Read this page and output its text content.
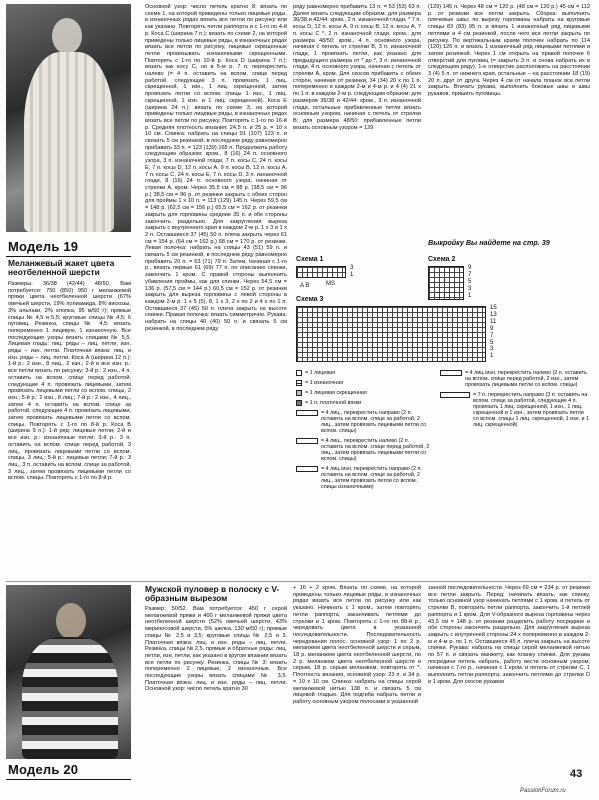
Модель 19
Меланжевый жакет цвета неотбеленной шерсти

Размеры: 36/38 (42/44) 48/50. Вам потребуется: 750 (850) 950 г меланжевой пряжи цвета неотбеленной шерсти (67% овечьей шерсти, 19% полиамида, 8% вискозы, 3% альпаки, 2% хлопка, 95 м/50 г); прямые спицы № 4,5 и 5,5; круговые спицы № 4,5; 6 пуговиц. Резинка, спицы № 4,5: вязать попеременно 1 лицевую, 1 изнаночную. Все последующие узоры вязать спицами № 5,5. Лицевая гладь: лиц. ряды – лиц. петли, изн. ряды – изн. петли. Платочная вязка: лиц. и изн. ряды – лиц. петли. Коса А (ширина 12 п.): 1-й р.: 2 изн., 8 лиц., 2 изн.; 2-й и все изн. р.: все петли вязать по рисунку; 3-й р.: 2 изн., 4 п. оставить на вспом. спице перед работой, следующие 4 п. провязать лицевыми, затем провязать лицевыми петли со вспом. спицы, 2 изн.; 5-й р.: 2 изн., 8 лиц.; 7-й р.: 2 изн., 4 лиц., затем 4 п. оставить на вспом. спице за работой, следующие 4 п. провязать лицевыми, затем провязать лицевыми петли со вспом. спицы. Повторять с 1-го по 8-й р. Коса В (ширина 9 п.): 1-й ряд: лицевые петли; 2-й и все изн. р.: изнаночные петли; 3-й р.: 3 п. оставить на вспом. спице перед работой, 3 лиц., провязать лицевыми петли со вспом. спицы, 3 лиц.; 5-й р.: лицевые петли; 7-й р.: 3 лиц., 3 п. оставить на вспом. спице за работой, 3 лиц., затем провязать лицевыми петли со вспом. спицы. Повторять с 1-го по 8-й р.

Основной узор: число петель кратно 8; вязать по схеме 1, на которой приведены только лицевые ряды, в изнаночных рядах вязать все петли по рисунку или как указано. Повторять петли раппорта и с 1-го по 4-й р. Коса С (ширина 7 п.): вязать по схеме 2, на которой приведены только лицевые ряды, в изнаночных рядах вязать все петли по рисунку, лицевые скрещенные петли провязывать изнаночными скрещенными. Повторять с 1-го по 10-й р. Коса D (ширина 7 п.): вязать как косу С, но в 5-м р. 7 п. перекрестить налево (= 4 п. оставить на вспом. спице перед работой, следующие 3 п. провязать 1 лиц. скрещенной, 1 изн., 1 лиц. скрещенной, затем провязать петли со вспом. спицы 1 изн., 1 лиц. скрещенной, 1 изн. и 1 лиц. скрещенной). Коса Е (ширина 24 п.): вязать по схеме 3, на которой приведены только лицевые ряды, в изнаночных рядах вязать все петли по рисунку. Повторять с 1-го по 16-й р. Средняя плотность вязания: 24,5 п. и 25 р. = 10 x 10 см. Спинка: набрать на спицы 91 (107) 123 п. и связать 5 см резинкой, в последнем ряду равномерно прибавить 33 п. = 123 (139) 165 п. Продолжить работу следующим образом: кром., 8 (16) 24 п. основного узора, 3 п. изнаночной глади, 7 п. косы С, 24 п. косы Е, 7 п. косы D, 12 п. косы А, 9 п. косы В, 12 п. косы А, 7 п. косы С, 24 п. косы Е, 7 п. косы D, 3 п. изнаночной глади, 8 (16) 24 п. основного узора, начиная от стрелки А, кром. Через 35,5 см = 88 р. (38,5 см = 96 р.) 38,5 см = 96 р. от резинки закрыть с обеих сторон для проймы 1 x 10 п. = 113 (129) 145 п. Через 59,5 см = 148 р. (62,5 см = 156 р.) 65,5 см = 162 р. от резинки закрыть для горловины средние 35 п. и обе стороны закончить раздельно. Для закругления выреза закрыть с внутреннего края в каждом 2-м р. 1 x 3 и 1 x 2 п. Оставшиеся 37 (45) 50 п. плеча закрыть через 61 см = 154 р. (64 см = 162 р.) 68 см = 170 р. от резинки. Левая полочка: набрать на спицы 43 (51) 59 п. и связать 5 см резинкой, в последнем ряду равномерно прибавить 20 п. = 63 (71) 79 п. Затем, начиная с 1-го р., вязать первые 61 (69) 77 п. по описанию спинки, закончить 1 кром. С правой стороны выполнить убавления проймы, как для спинки. Через 54,5 см = 136 р. (57,5 см = 144 р.) 60,5 см = 152 р. от резинки закрыть для выреза горловины с левой стороны в каждом 2-м р. 1 x 5 (5), 8, 1 x 3, 2 x по 2 и 4 x по 1 п. Оставшиеся 37 (45) 50 п. плеча закрыть на высоте спинки. Правая полочка: вязать симметрично. Рукава: набрать на спицы 40 (40) 50 п. и связать 5 см резинкой, в последнем ряду

ряду равномерно прибавить 13 п. = 53 (53) 63 п. Далее вязать следующим образом: для размера 36/38 и 42/44: кром., 2 п. изнаночной глади, * 7 п. косы D, 12 п. косы А, 9 п. косы В, 12 п. косы А, 7 п. косы С *, 2 п. изнаночной глади, кром.; для размера 48/50: кром., 4 п. основного узора, начиная с петель от стрелки В, 3 п. изнаночной глади, 1 провязать петли, как указано для предыдущего размера от * до *, 3 п. изнаночной глади, 4 п. основного узора, начиная с петель от стрелки А, кром. Для скосов прибавить с обеих сторон, начиная от резинки, 34 (34) 20 x по 1 п. попеременно в каждом 2-м и 4-м р. и 4 (4) 21 x по 1 п. в каждом 2-м р. следующим образом: для размеров 36/38 и 42/44: кром., 3 п. изнаночной глади, остальные прибавленные петли вязать основным узором, начиная с петель от стрелки В; для размера 48/50: прибавленные петли вязать основным узором = 129

(129) 145 п. Через 48 см = 120 р. (48 см = 120 р.) 45 см = 112 р. от резинки все петли закрыть. Сборка: выполнить плечевые швы; по вырезу горловины набрать на круговые спицы 83 (83) 95 п. и вязать 1 изнаночный ряд лицевыми петлями и 4 см резинкой, после чего все петли закрыть по рисунку. По вертикальным краям полочек набрать по 114 (120) 126 п. и вязать 1 изнаночный ряд лицевыми петлями и затем резинкой. Через 1 см открыть на правой полочке 6 отверстий для пуговиц (= закрыть 3 п. и снова набрать их в следующем ряду), 1-е отверстие расположить на расстоянии 3 (4) 5 п. от нижнего края, остальные – на расстоянии 18 (19) 20 п. друг от друга. Через 4 см от начала планок все петли закрыть. Втачать рукава, выполнить боковые швы и швы рукавов, пришить пуговицы.

Выкройку Вы найдете на стр. 39
Схема 1
3
1
A B	MS
Схема 2
9
7
5
3
1
Схема 3
15
13
11
9
7
5
3
1
= 1 лицевая
= 1 изнаночная
= 1 лицевая скрещенная
= 1 п. платочной вязки
= 4 лиц., перекрестить направо (2 п. оставить на вспом. спице за работой, 2 лиц., затем провязать лицевыми петли со вспом. спицы)
= 4 лиц., перекрестить налево (2 п. оставить на вспом. спице перед работой, 2 лиц., затем провязать лицевыми петли со вспом. спицы)
= 4 лиц./изн. перекрестить направо (2 п. оставить на вспом. спице за работой, 2 лиц., затем провязать петли со вспом. спицы изнаночными)
= 4 лиц./изн. перекрестить налево (2 п. оставить на вспом. спице перед работой, 2 изн., затем провязать лицевыми петли со вспом. спицы)
= 7 п. перекрестить направо (3 п. оставить на вспом. спице за работой, следующие 4 п. провязать 1 лиц. скрещенной, 1 изн., 1 лиц. скрещенной и 1 изн., затем провязать петли со вспом. спицы 1 лиц. скрещенной, 1 изн. и 1 лиц. скрещенной)
Модель 20
Мужской пуловер в полоску с V-образным вырезом

Размер: 50/52. Вам потребуется: 450 г серой меланжевой пряжи и 400 г меланжевой пряжи цвета неотбеленной шерсти (52% овечьей шерсти, 43% мериносовой шерсти, 5% шелка, 130 м/50 г); прямые спицы № 2,5 и 3,5; круговые спицы № 2,5 и 3. Платочная вязка: лиц. и изн. ряды – лиц. петли. Резинка, спицы № 2,5, прямые и обратные ряды: лиц. петли, изн. петли, как указано в кругом вязании вязать все петли по рисунку. Резинка, спицы № 3: вязать попеременно 2 лицевые, 2 изнаночные. Все последующие узоры вязать спицами № 3,5. Платочная вязка: лиц. и изн. ряды – лиц. петли. Основной узор: число петель кратно 30

+ 16 + 2 кром. Вязать по схеме, на которой приведены только лицевые ряды, в изнаночных рядах вязать все петли по рисунку или как указано. Начинать с 1 кром., затем повторять петли раппорта, заканчивать петлями до стрелки и 1 кром. Повторять с 1-го по 88-й р., чередовать цвета в указанной последовательности. Последовательность чередования полос, основной узор: 1 по 2 р. меланжем цвета неотбеленной шерсти и серым, 18 р. меланжем цвета неотбеленной шерсти, по 2 р. меланжем цвета неотбеленной шерсти и серым, 18 р. серым меланжем, повторять от *. Плотность вязания, основной узор: 23 п. и 34 р. = 10 x 10 см. Спинка: набрать на спицы серой меланжевой нитью 138 п. и связать 5 см лицевой гладью. Для подгиба набрать петли и работу основным узором полосами в указанной

занной последовательности. Через 69 см = 234 р. от резинки все петли закрыть. Перед: начинать вязать, как спинку, только основной узор начинать петлями с 1 кром. и петель от стрелки В, повторить петли раппорта, закончить 1-й петлей раппорта и 1 кром. Для V-образного выреза горловины через 43,5 см = 148 р. от резинки разделить работу посредине и обе стороны закончить раздельно. Для закругления выреза закрыть с внутренней стороны 24 x попеременно в каждом 2-м и 4-м р. по 1 п. Оставшиеся 45 п. плеча закрыть на высоте спинки. Рукава: набрать на спицы серой меланжевой нитью по 57 п. и связать манжету, как планку спинки. Для рукава посредине петель набрать, работу вести основным узором, начиная с 7-го р., начиная с 1 кром. и петель от стрелки С, 1 выполнить петли раппорта, закончить петлями до стрелки D и 1 кром. Для скосов рукавов

43
PassionForum.ru
